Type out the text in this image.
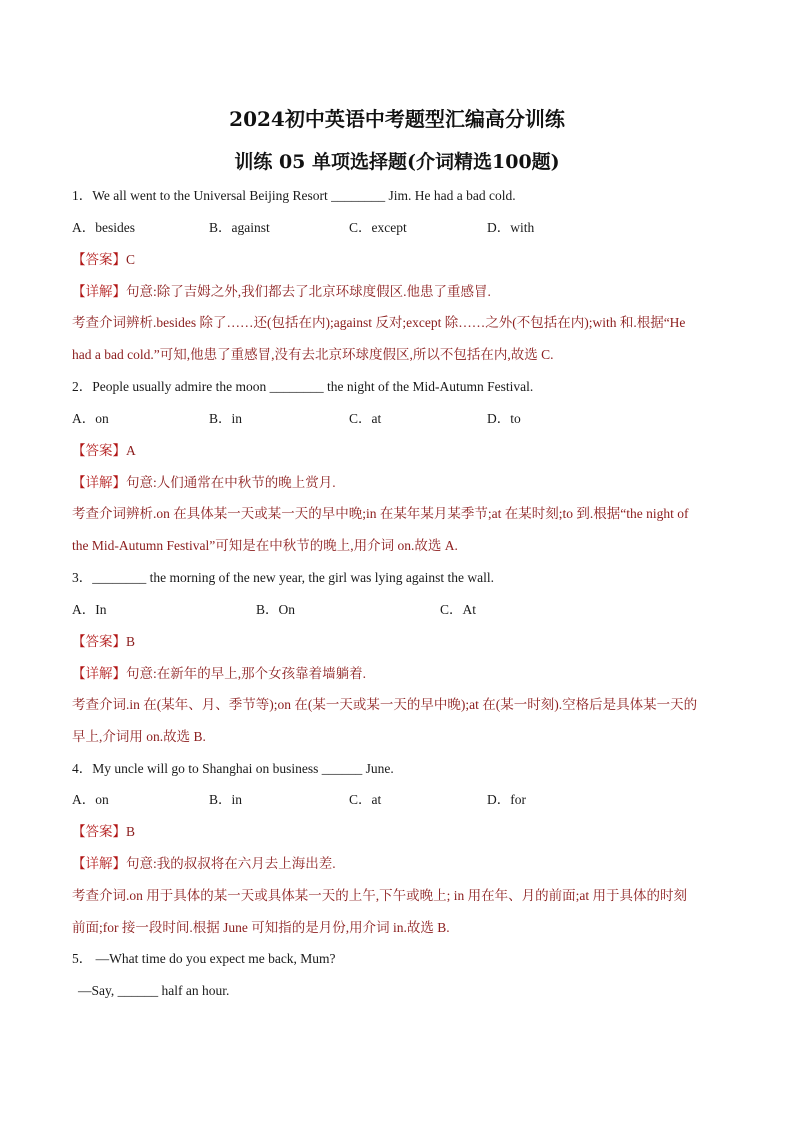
2024初中英语中考题型汇编高分训练
训练 05 单项选择题(介词精选100题)
1．We all went to the Universal Beijing Resort ________ Jim. He had a bad cold.
A．besides	B．against	C．except	D．with
【答案】C
【详解】句意:除了吉姆之外,我们都去了北京环球度假区.他患了重感冒.
考查介词辨析.besides 除了……还(包括在内);against 反对;except 除……之外(不包括在内);with 和.根据“He
had a bad cold.”可知,他患了重感冒,没有去北京环球度假区,所以不包括在内,故选 C.
2．People usually admire the moon ________ the night of the Mid-Autumn Festival.
A．on	B．in	C．at	D．to
【答案】A
【详解】句意:人们通常在中秋节的晚上赏月.
考查介词辨析.on 在具体某一天或某一天的早中晚;in 在某年某月某季节;at 在某时刻;to 到.根据“the night of
the Mid-Autumn Festival”可知是在中秋节的晚上,用介词 on.故选 A.
3．________ the morning of the new year, the girl was lying against the wall.
A．In	B．On	C．At
【答案】B
【详解】句意:在新年的早上,那个女孩靠着墙躺着.
考查介词.in 在(某年、月、季节等);on 在(某一天或某一天的早中晚);at 在(某一时刻).空格后是具体某一天的
早上,介词用 on.故选 B.
4．My uncle will go to Shanghai on business ______ June.
A．on	B．in	C．at	D．for
【答案】B
【详解】句意:我的叔叔将在六月去上海出差.
考查介词.on 用于具体的某一天或具体某一天的上午,下午或晚上; in 用在年、月的前面;at 用于具体的时刻
前面;for 接一段时间.根据 June 可知指的是月份,用介词 in.故选 B.
5． —What time do you expect me back, Mum?
—Say, ______ half an hour.
